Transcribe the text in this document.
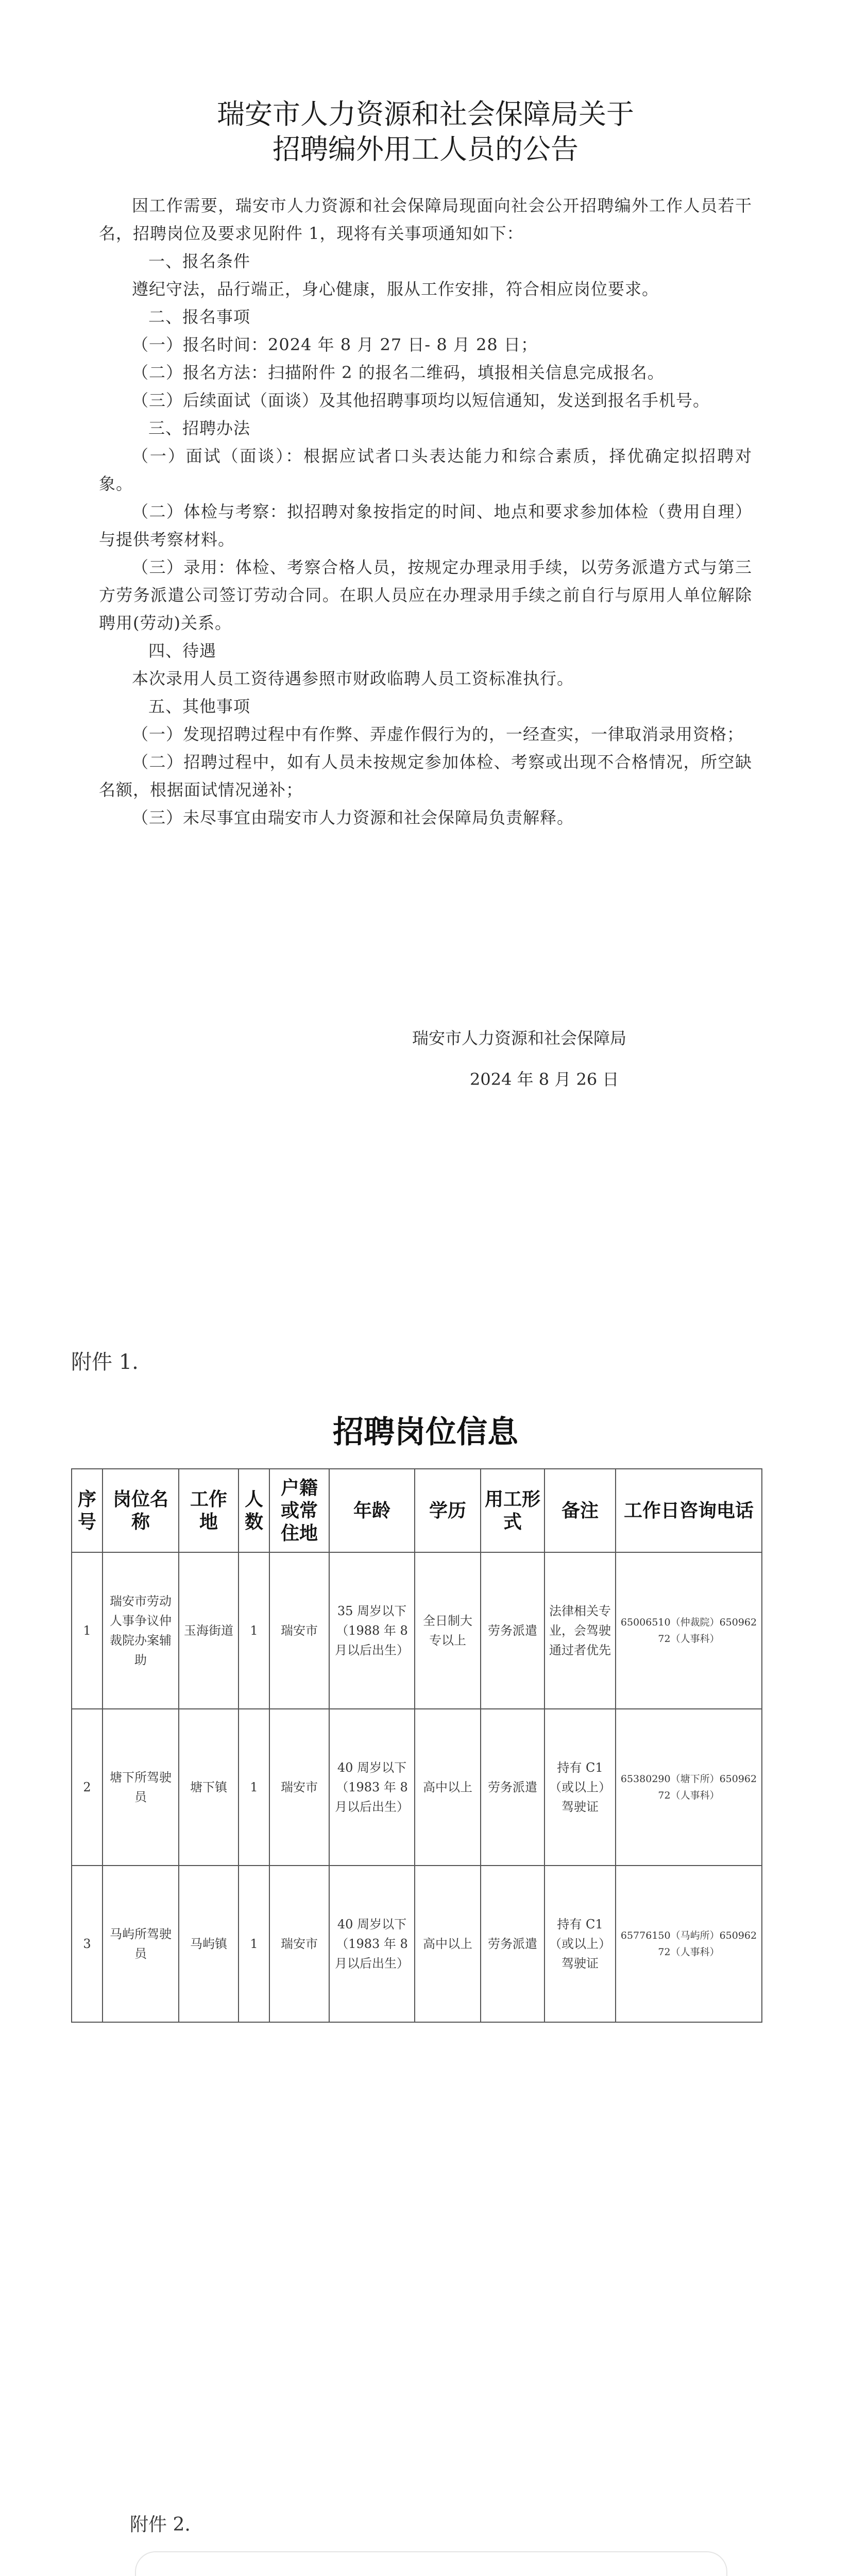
瑞安市人力资源和社会保障局关于
招聘编外用工人员的公告

因工作需要，瑞安市人力资源和社会保障局现面向社会公开招聘编外工作人员若干名，招聘岗位及要求见附件 1，现将有关事项通知如下：

一、报名条件

遵纪守法，品行端正，身心健康，服从工作安排，符合相应岗位要求。

二、报名事项

（一）报名时间：2024 年 8 月 27 日- 8 月 28 日；

（二）报名方法：扫描附件 2 的报名二维码，填报相关信息完成报名。

（三）后续面试（面谈）及其他招聘事项均以短信通知，发送到报名手机号。

三、招聘办法

（一）面试（面谈）：根据应试者口头表达能力和综合素质，择优确定拟招聘对象。

（二）体检与考察：拟招聘对象按指定的时间、地点和要求参加体检（费用自理）与提供考察材料。

（三）录用：体检、考察合格人员，按规定办理录用手续，以劳务派遣方式与第三方劳务派遣公司签订劳动合同。在职人员应在办理录用手续之前自行与原用人单位解除聘用(劳动)关系。

四、待遇

本次录用人员工资待遇参照市财政临聘人员工资标准执行。

五、其他事项

（一）发现招聘过程中有作弊、弄虚作假行为的，一经查实，一律取消录用资格；

（二）招聘过程中，如有人员未按规定参加体检、考察或出现不合格情况，所空缺名额，根据面试情况递补；

（三）未尽事宜由瑞安市人力资源和社会保障局负责解释。

瑞安市人力资源和社会保障局
2024 年 8 月 26 日
附件 1.
招聘岗位信息
序号	岗位名称	工作地	人数	户籍或常住地	年龄	学历	用工形式	备注	工作日咨询电话
1	瑞安市劳动人事争议仲裁院办案辅助	玉海街道	1	瑞安市	35 周岁以下（1988 年 8 月以后出生）	全日制大专以上	劳务派遣	法律相关专业，会驾驶通过者优先	65006510（仲裁院）65096272（人事科）
2	塘下所驾驶员	塘下镇	1	瑞安市	40 周岁以下（1983 年 8 月以后出生）	高中以上	劳务派遣	持有 C1（或以上）驾驶证	65380290（塘下所）65096272（人事科）
3	马屿所驾驶员	马屿镇	1	瑞安市	40 周岁以下（1983 年 8 月以后出生）	高中以上	劳务派遣	持有 C1（或以上）驾驶证	65776150（马屿所）65096272（人事科）
附件 2.
